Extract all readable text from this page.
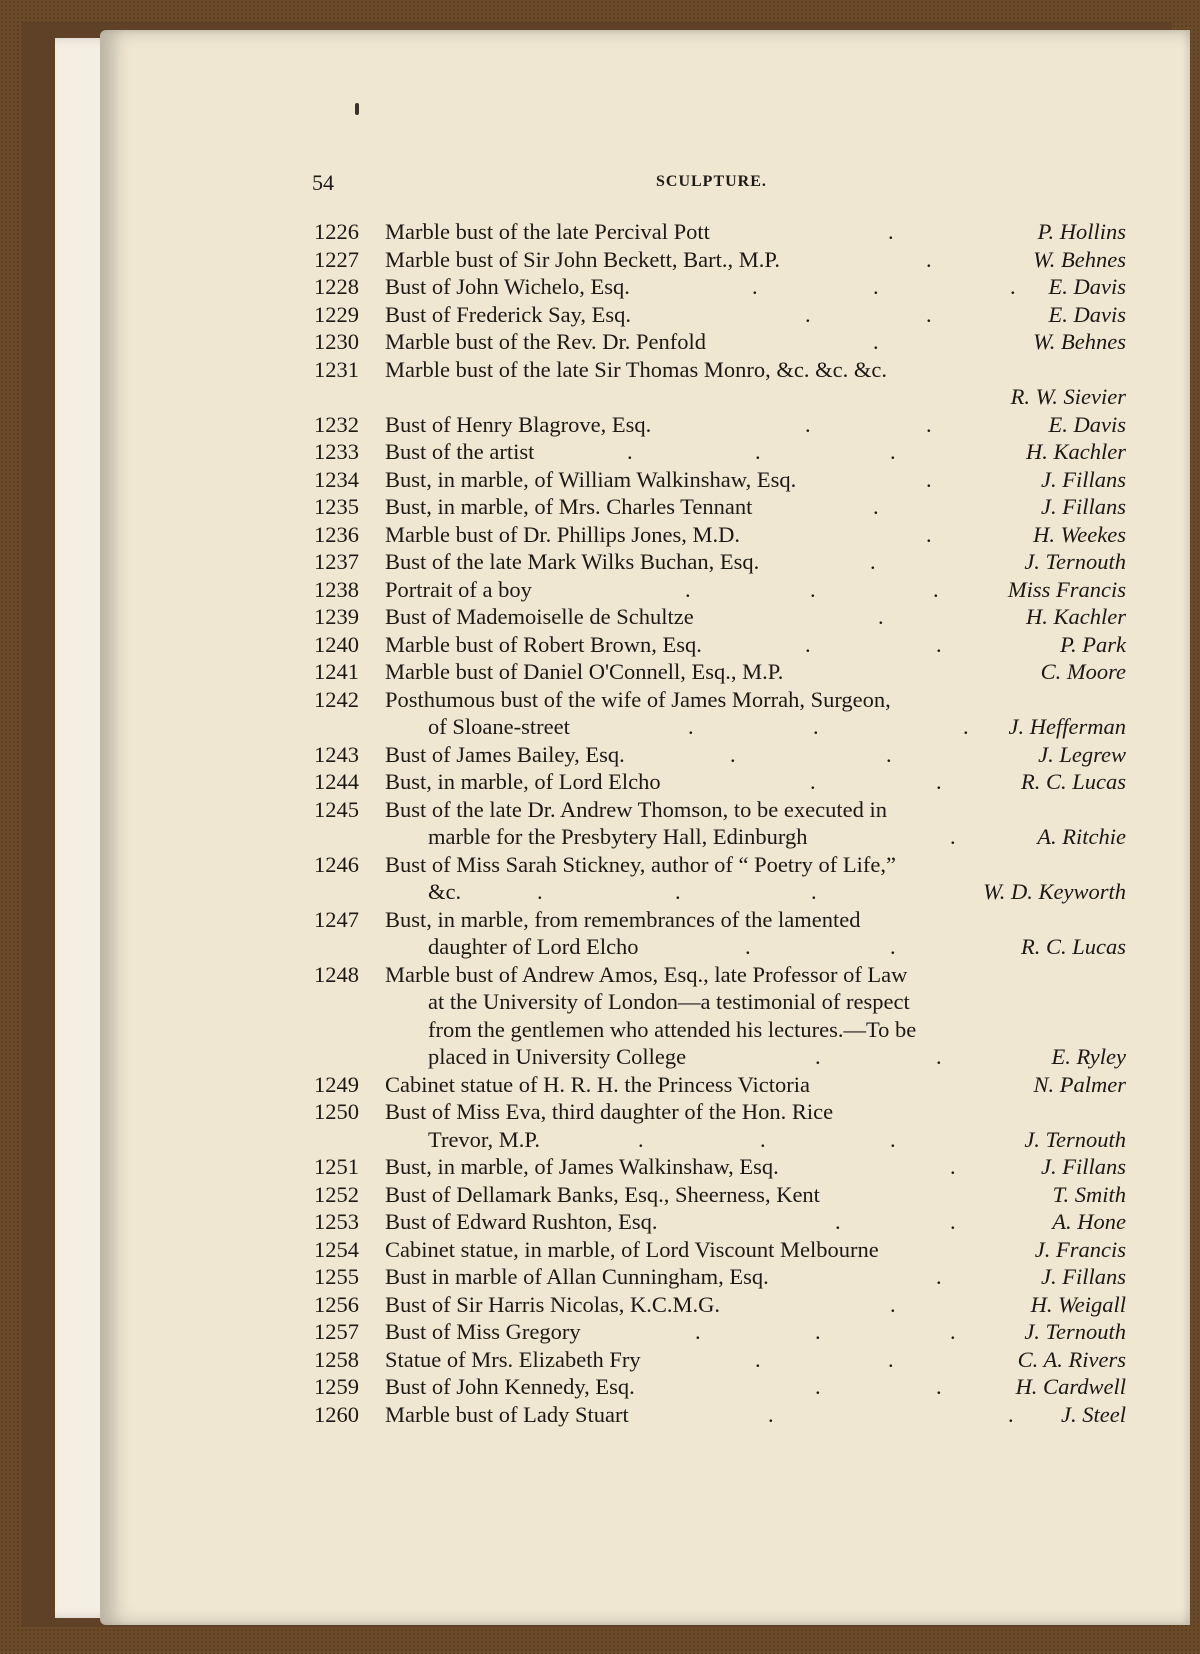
54	SCULPTURE.
1226 Marble bust of the late Percival Pott	.	P. Hollins
1227 Marble bust of Sir John Beckett, Bart., M.P.	.	W. Behnes
1228 Bust of John Wichelo, Esq.	.	.	. E. Davis
1229 Bust of Frederick Say, Esq.	.	.	E. Davis
1230 Marble bust of the Rev. Dr. Penfold	.	W. Behnes
1231 Marble bust of the late Sir Thomas Monro, &c. &c. &c.
R. W. Sievier
1232 Bust of Henry Blagrove, Esq.	.	.	E. Davis
1233 Bust of the artist	.	.	.	H. Kachler
1234 Bust, in marble, of William Walkinshaw, Esq.	.	J. Fillans
1235 Bust, in marble, of Mrs. Charles Tennant	.	J. Fillans
1236 Marble bust of Dr. Phillips Jones, M.D.	.	H. Weekes
1237 Bust of the late Mark Wilks Buchan, Esq.	.	J. Ternouth
1238 Portrait of a boy	.	.	.	Miss Francis
1239 Bust of Mademoiselle de Schultze	.	H. Kachler
1240 Marble bust of Robert Brown, Esq.	.	.	P. Park
1241 Marble bust of Daniel O'Connell, Esq., M.P.	C. Moore
1242 Posthumous bust of the wife of James Morrah, Surgeon,
of Sloane-street	.	.	. J. Hefferman
1243 Bust of James Bailey, Esq.	.	.	J. Legrew
1244 Bust, in marble, of Lord Elcho	.	.	R. C. Lucas
1245 Bust of the late Dr. Andrew Thomson, to be executed in
marble for the Presbytery Hall, Edinburgh	.	A. Ritchie
1246 Bust of Miss Sarah Stickney, author of “ Poetry of Life,”
&c.	.	.	.	W. D. Keyworth
1247 Bust, in marble, from remembrances of the lamented
daughter of Lord Elcho	.	.	R. C. Lucas
1248 Marble bust of Andrew Amos, Esq., late Professor of Law
at the University of London—a testimonial of respect
from the gentlemen who attended his lectures.—To be
placed in University College	.	.	E. Ryley
1249 Cabinet statue of H. R. H. the Princess Victoria	N. Palmer
1250 Bust of Miss Eva, third daughter of the Hon. Rice
Trevor, M.P.	.	.	.	J. Ternouth
1251 Bust, in marble, of James Walkinshaw, Esq.	.	J. Fillans
1252 Bust of Dellamark Banks, Esq., Sheerness, Kent	T. Smith
1253 Bust of Edward Rushton, Esq.	.	.	A. Hone
1254 Cabinet statue, in marble, of Lord Viscount Melbourne	J. Francis
1255 Bust in marble of Allan Cunningham, Esq.	.	J. Fillans
1256 Bust of Sir Harris Nicolas, K.C.M.G.	.	H. Weigall
1257 Bust of Miss Gregory	.	.	.	J. Ternouth
1258 Statue of Mrs. Elizabeth Fry	.	.	C. A. Rivers
1259 Bust of John Kennedy, Esq.	.	.	H. Cardwell
1260 Marble bust of Lady Stuart	.	. J. Steel
